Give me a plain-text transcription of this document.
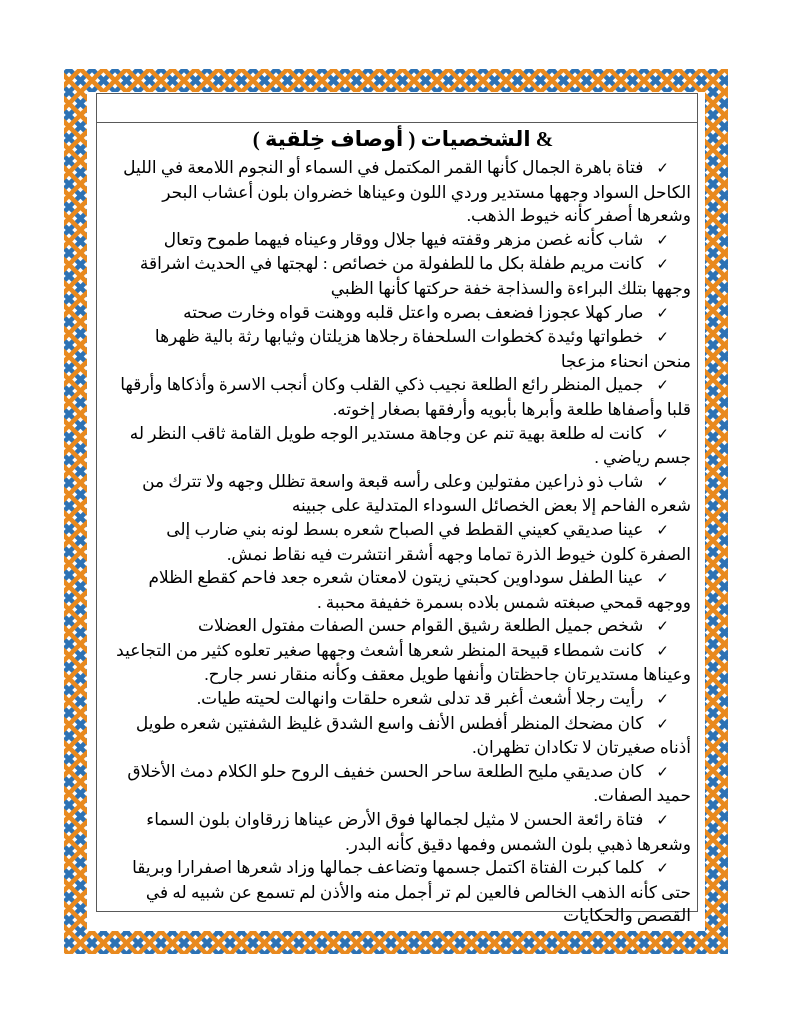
& الشخصيات ( أوصاف خِلقية )
✓فتاة باهرة الجمال كأنها القمر المكتمل في السماء أو النجوم اللامعة في الليل الكاحل السواد وجهها مستدير وردي اللون وعيناها خضروان بلون أعشاب البحر وشعرها أصفر كأنه خيوط الذهب.
✓شاب كأنه غصن مزهر وقفته فيها جلال ووقار وعيناه فيهما طموح وتعال
✓كانت مريم طفلة بكل ما للطفولة من خصائص : لهجتها في الحديث اشراقة وجهها بتلك البراءة والسذاجة خفة حركتها كأنها الظبي
✓صار كهلا عجوزا فضعف بصره واعتل قلبه ووهنت قواه وخارت صحته
✓خطواتها وئيدة كخطوات السلحفاة رجلاها هزيلتان وثيابها رثة بالية ظهرها منحن انحناء مزعجا
✓جميل المنظر رائع الطلعة نجيب ذكي القلب وكان أنجب الاسرة وأذكاها وأرقها قلبا وأصفاها طلعة وأبرها بأبويه وأرفقها بصغار إخوته.
✓كانت له طلعة بهية تنم عن وجاهة مستدير الوجه طويل القامة ثاقب النظر له جسم رياضي .
✓شاب ذو ذراعين مفتولين وعلى رأسه قبعة واسعة تظلل وجهه ولا تترك من شعره الفاحم إلا بعض الخصائل السوداء المتدلية على جبينه
✓عينا صديقي كعيني القطط في الصباح شعره بسط لونه بني ضارب إلى الصفرة كلون خيوط الذرة تماما وجهه أشقر انتشرت فيه نقاط نمش.
✓عينا الطفل سوداوين كحبتي زيتون لامعتان شعره جعد فاحم كقطع الظلام ووجهه قمحي صبغته شمس بلاده بسمرة خفيفة محببة .
✓شخص جميل الطلعة رشيق القوام حسن الصفات مفتول العضلات
✓كانت شمطاء قبيحة المنظر شعرها أشعث وجهها صغير تعلوه كثير من التجاعيد وعيناها مستديرتان جاحظتان وأنفها طويل معقف وكأنه منقار نسر جارح.
✓رأيت رجلا أشعث أغبر قد تدلى شعره حلقات وانهالت لحيته طيات.
✓كان مضحك المنظر أفطس الأنف واسع الشدق غليظ الشفتين شعره طويل أذناه صغيرتان لا تكادان تظهران.
✓كان صديقي مليح الطلعة ساحر الحسن خفيف الروح حلو الكلام دمث الأخلاق حميد الصفات.
✓فتاة رائعة الحسن لا مثيل لجمالها فوق الأرض عيناها زرقاوان بلون السماء وشعرها ذهبي بلون الشمس وفمها دقيق كأنه البدر.
✓كلما كبرت الفتاة اكتمل جسمها وتضاعف جمالها وزاد شعرها اصفرارا وبريقا حتى كأنه الذهب الخالص فالعين لم تر أجمل منه والأذن لم تسمع عن شبيه له في القصص والحكايات
